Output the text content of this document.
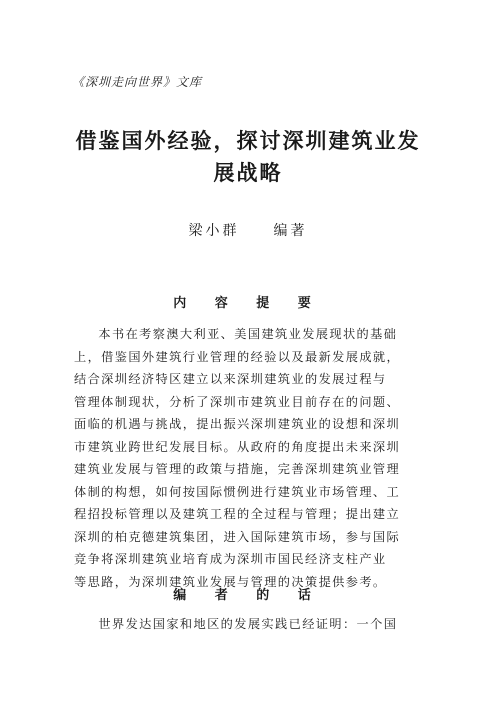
《深圳走向世界》文库
借鉴国外经验，探讨深圳建筑业发
展战略
梁小群 编著
内 容 提 要
本书在考察澳大利亚、美国建筑业发展现状的基础
上，借鉴国外建筑行业管理的经验以及最新发展成就，
结合深圳经济特区建立以来深圳建筑业的发展过程与
管理体制现状，分析了深圳市建筑业目前存在的问题、
面临的机遇与挑战，提出振兴深圳建筑业的设想和深圳
市建筑业跨世纪发展目标。从政府的角度提出未来深圳
建筑业发展与管理的政策与措施，完善深圳建筑业管理
体制的构想，如何按国际惯例进行建筑业市场管理、工
程招投标管理以及建筑工程的全过程与管理；提出建立
深圳的柏克德建筑集团，进入国际建筑市场，参与国际
竞争将深圳建筑业培育成为深圳市国民经济支柱产业
等思路，为深圳建筑业发展与管理的决策提供参考。
编 者 的 话
世界发达国家和地区的发展实践已经证明：一个国
